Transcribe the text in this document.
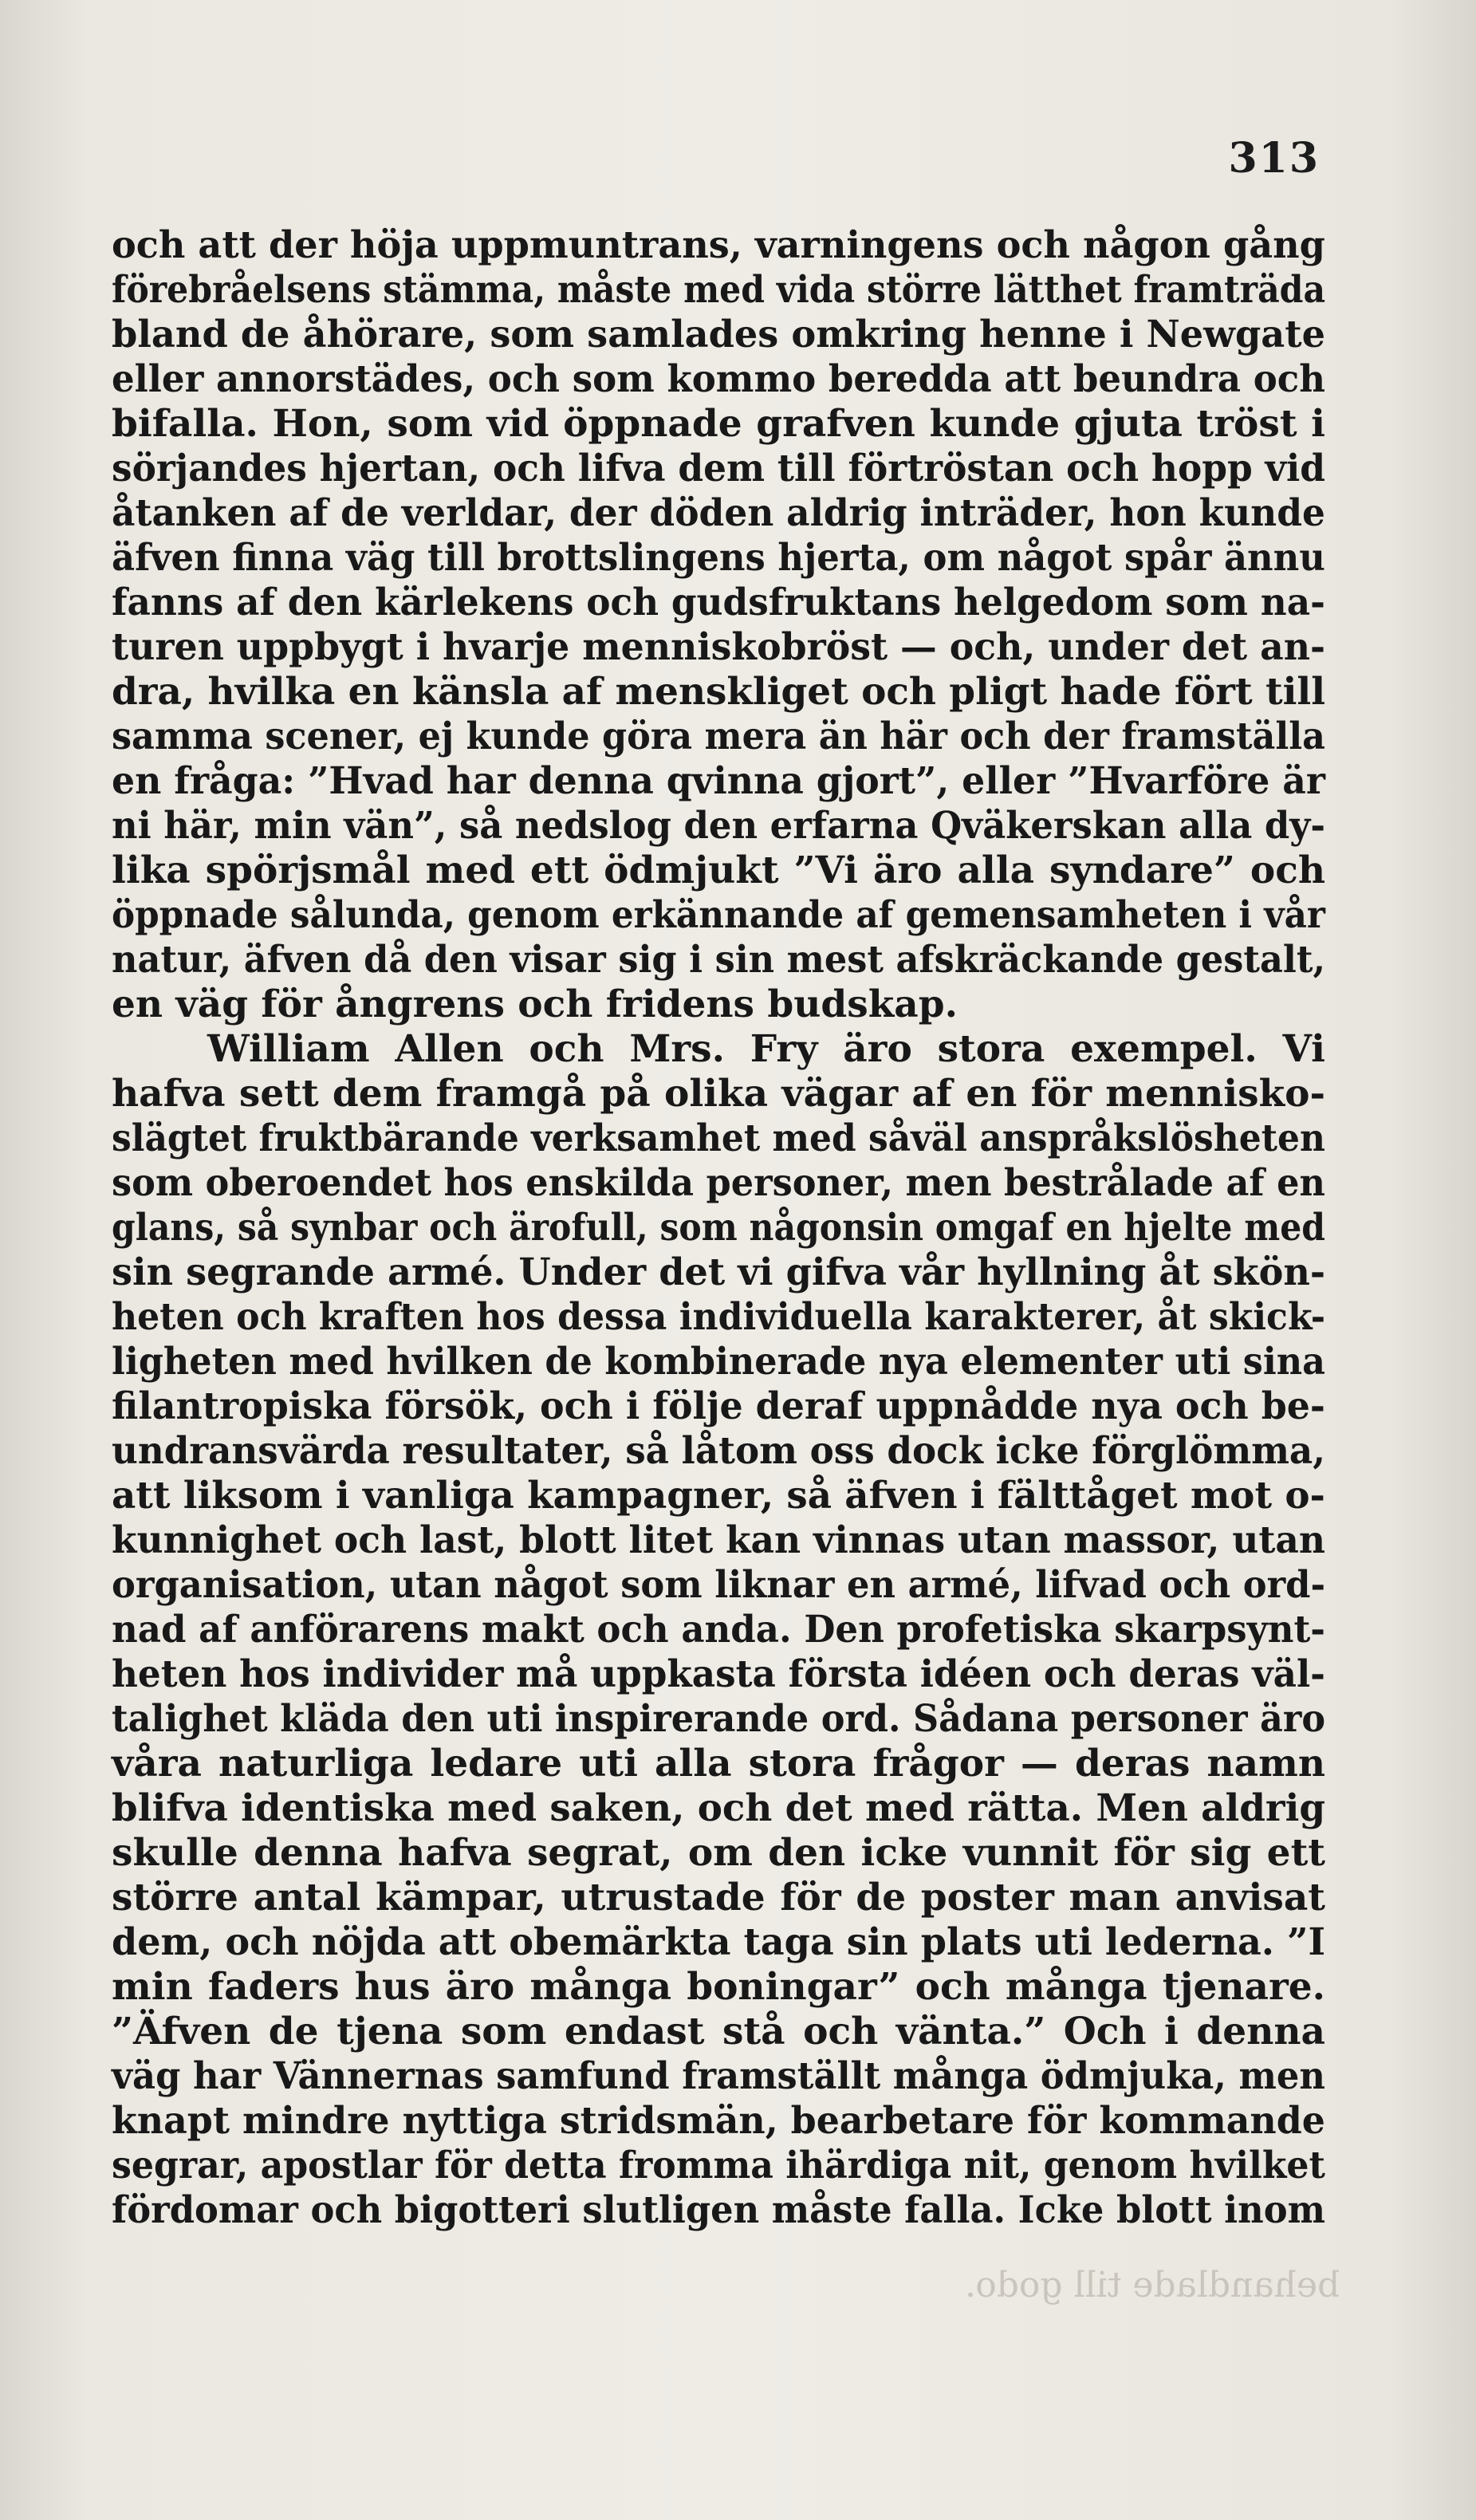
313
och att der höja uppmuntrans, varningens och någon gång
förebråelsens stämma, måste med vida större lätthet framträda
bland de åhörare, som samlades omkring henne i Newgate
eller annorstädes, och som kommo beredda att beundra och
bifalla. Hon, som vid öppnade grafven kunde gjuta tröst i
sörjandes hjertan, och lifva dem till förtröstan och hopp vid
åtanken af de verldar, der döden aldrig inträder, hon kunde
äfven finna väg till brottslingens hjerta, om något spår ännu
fanns af den kärlekens och gudsfruktans helgedom som na-
turen uppbygt i hvarje menniskobröst — och, under det an-
dra, hvilka en känsla af menskliget och pligt hade fört till
samma scener, ej kunde göra mera än här och der framställa
en fråga: ”Hvad har denna qvinna gjort”, eller ”Hvarföre är
ni här, min vän”, så nedslog den erfarna Qväkerskan alla dy-
lika spörjsmål med ett ödmjukt ”Vi äro alla syndare” och
öppnade sålunda, genom erkännande af gemensamheten i vår
natur, äfven då den visar sig i sin mest afskräckande gestalt,
en väg för ångrens och fridens budskap.
William Allen och Mrs. Fry äro stora exempel. Vi
hafva sett dem framgå på olika vägar af en för mennisko-
slägtet fruktbärande verksamhet med såväl anspråkslösheten
som oberoendet hos enskilda personer, men bestrålade af en
glans, så synbar och ärofull, som någonsin omgaf en hjelte med
sin segrande armé. Under det vi gifva vår hyllning åt skön-
heten och kraften hos dessa individuella karakterer, åt skick-
ligheten med hvilken de kombinerade nya elementer uti sina
filantropiska försök, och i följe deraf uppnådde nya och be-
undransvärda resultater, så låtom oss dock icke förglömma,
att liksom i vanliga kampagner, så äfven i fälttåget mot o-
kunnighet och last, blott litet kan vinnas utan massor, utan
organisation, utan något som liknar en armé, lifvad och ord-
nad af anförarens makt och anda. Den profetiska skarpsynt-
heten hos individer må uppkasta första idéen och deras väl-
talighet kläda den uti inspirerande ord. Sådana personer äro
våra naturliga ledare uti alla stora frågor — deras namn
blifva identiska med saken, och det med rätta. Men aldrig
skulle denna hafva segrat, om den icke vunnit för sig ett
större antal kämpar, utrustade för de poster man anvisat
dem, och nöjda att obemärkta taga sin plats uti lederna. ”I
min faders hus äro många boningar” och många tjenare.
”Äfven de tjena som endast stå och vänta.” Och i denna
väg har Vännernas samfund framställt många ödmjuka, men
knapt mindre nyttiga stridsmän, bearbetare för kommande
segrar, apostlar för detta fromma ihärdiga nit, genom hvilket
fördomar och bigotteri slutligen måste falla. Icke blott inom
behandlade till godo.
